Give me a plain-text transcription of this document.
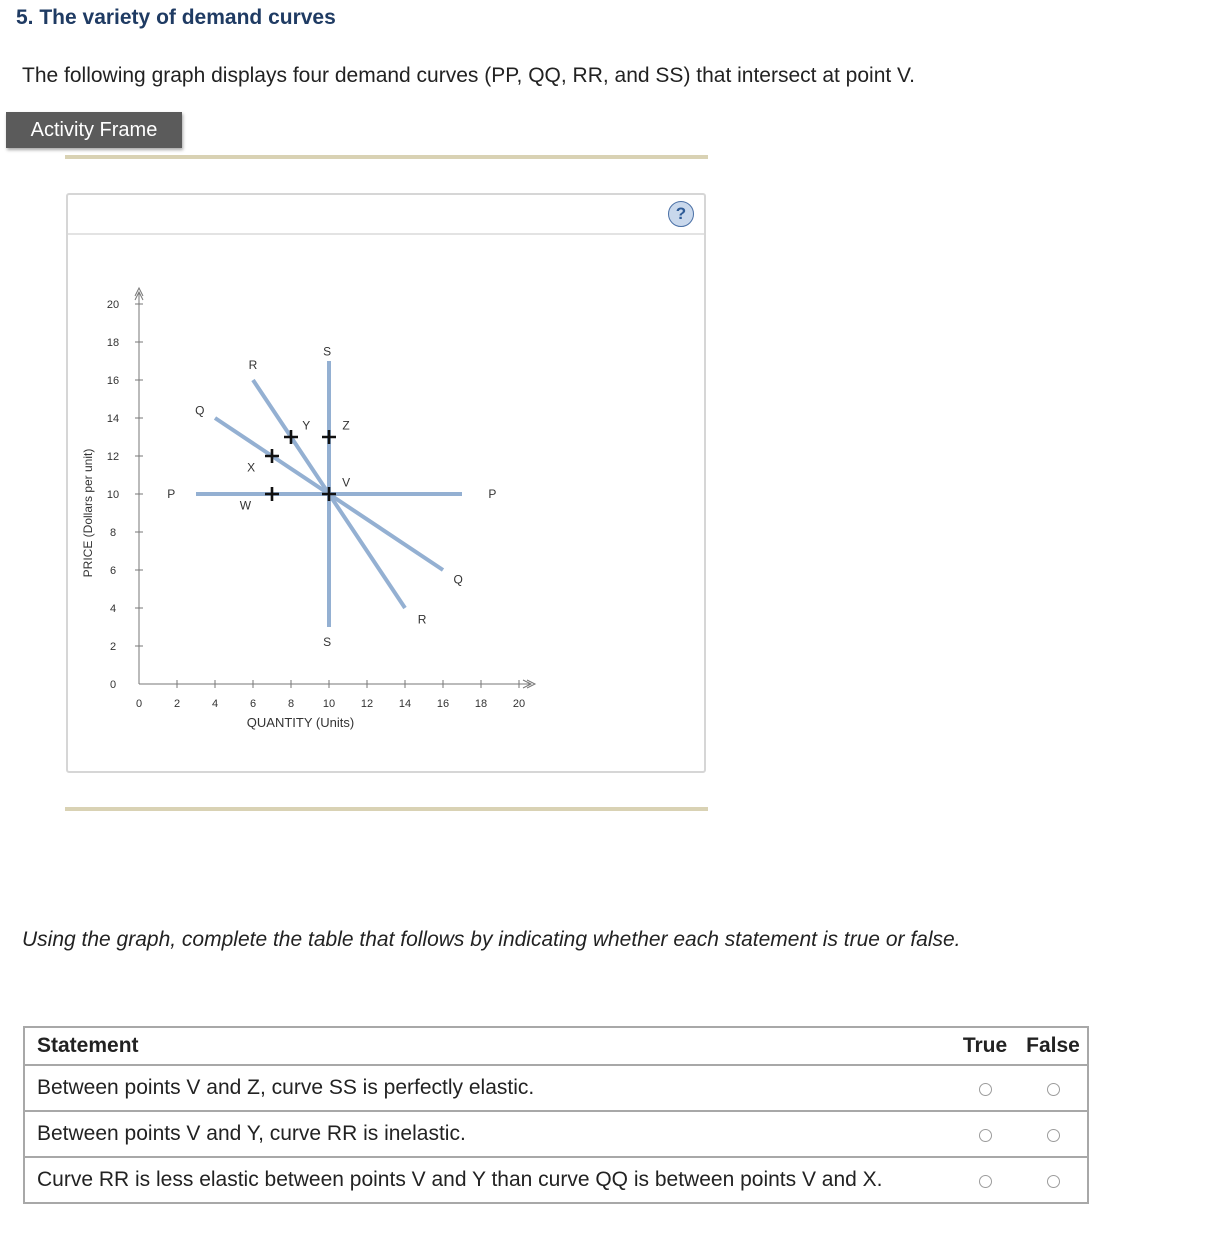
5. The variety of demand curves

The following graph displays four demand curves (PP, QQ, RR, and SS) that intersect at point V.

Activity Frame
?
0	2	4	6	8	10 12 14 16 18 20
0
2
4
6
8
10
12
14
16
18
20
QUANTITY (Units)
PRICE (Dollars per unit)	P	P
Q
Q
R
R
S
S
V
W
X
Y	Z

Using the graph, complete the table that follows by indicating whether each statement is true or false.

Statement	True	False
Between points V and Z, curve SS is perfectly elastic.		
Between points V and Y, curve RR is inelastic.		
Curve RR is less elastic between points V and Y than curve QQ is between points V and X.		
